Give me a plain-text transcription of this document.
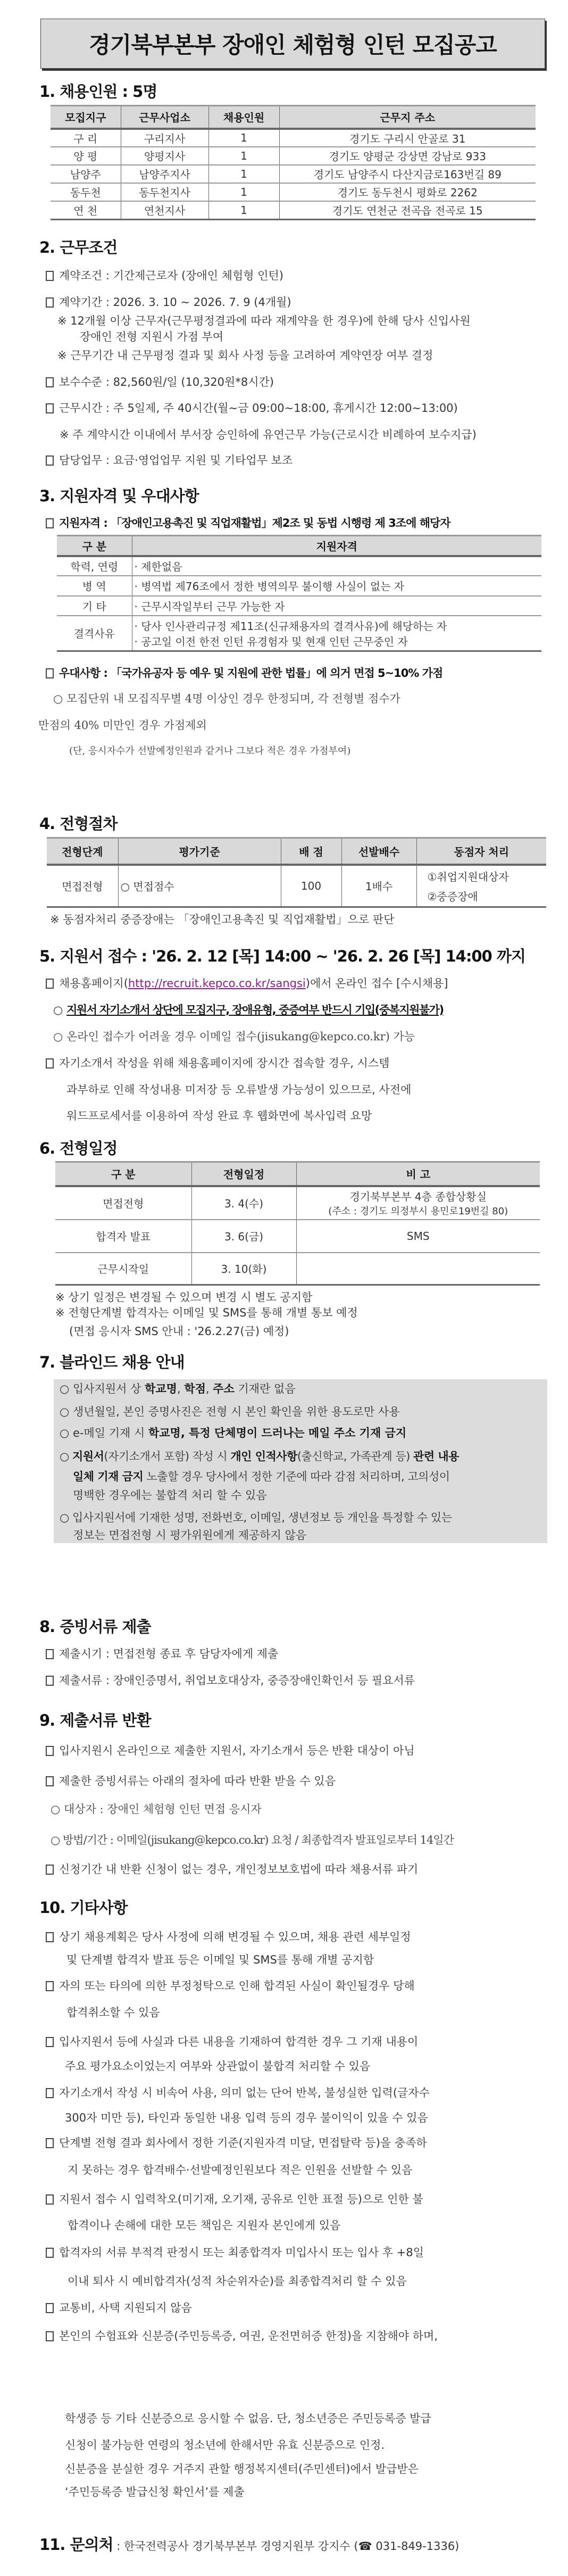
경기북부본부 장애인 체험형 인턴 모집공고
1. 채용인원 : 5명
모집지구	근무사업소	채용인원	근무지 주소
구 리	구리지사	1	경기도 구리시 안골로 31
양 평	양평지사	1	경기도 양평군 강상면 강남로 933
남양주	남양주지사	1	경기도 남양주시 다산지금로163번길 89
동두천	동두천지사	1	경기도 동두천시 평화로 2262
연 천	연천지사	1	경기도 연천군 전곡읍 전곡로 15
2. 근무조건
계약조건 : 기간제근로자 (장애인 체험형 인턴)
계약기간 : 2026. 3. 10 ~ 2026. 7. 9 (4개월)
※ 12개월 이상 근무자(근무평정결과에 따라 재계약을 한 경우)에 한해 당사 신입사원
장애인 전형 지원시 가점 부여
※ 근무기간 내 근무평정 결과 및 회사 사정 등을 고려하여 계약연장 여부 결정
보수수준 : 82,560원/일 (10,320원*8시간)
근무시간 : 주 5일제, 주 40시간(월~금 09:00~18:00, 휴게시간 12:00~13:00)
※ 주 계약시간 이내에서 부서장 승인하에 유연근무 가능(근로시간 비례하여 보수지급)
담당업무 : 요금·영업업무 지원 및 기타업무 보조
3. 지원자격 및 우대사항
지원자격 : 「장애인고용촉진 및 직업재활법」제2조 및 동법 시행령 제 3조에 해당자
구 분	지원자격
학력, 연령	· 제한없음
병 역	· 병역법 제76조에서 정한 병역의무 불이행 사실이 없는 자
기 타	· 근무시작일부터 근무 가능한 자
결격사유	· 당사 인사관리규정 제11조(신규채용자의 결격사유)에 해당하는 자
· 공고일 이전 한전 인턴 유경험자 및 현재 인턴 근무중인 자
우대사항 : 「국가유공자 등 예우 및 지원에 관한 법률」에 의거 면접 5~10% 가점
○ 모집단위 내 모집직무별 4명 이상인 경우 한정되며, 각 전형별 점수가
만점의 40% 미만인 경우 가점제외
(단, 응시자수가 선발예정인원과 같거나 그보다 적은 경우 가점부여)
4. 전형절차
전형단계	평가기준	배 점	선발배수	동점자 처리
면접전형	○ 면접점수	100	1배수	①취업지원대상자
②중증장애
※ 동점자처리 중증장애는 「장애인고용촉진 및 직업재활법」으로 판단
5. 지원서 접수 : '26. 2. 12 [목] 14:00 ~ '26. 2. 26 [목] 14:00 까지
채용홈페이지(http://recruit.kepco.co.kr/sangsi)에서 온라인 접수 [수시채용]
○ 지원서 자기소개서 상단에 모집지구, 장애유형, 중증여부 반드시 기입(중복지원불가)
○ 온라인 접수가 어려울 경우 이메일 접수(jisukang@kepco.co.kr) 가능
자기소개서 작성을 위해 채용홈페이지에 장시간 접속할 경우, 시스템
과부하로 인해 작성내용 미저장 등 오류발생 가능성이 있으므로, 사전에
워드프로세서를 이용하여 작성 완료 후 웹화면에 복사입력 요망
6. 전형일정
구 분	전형일정	비 고
면접전형	3. 4(수)	경기북부본부 4층 종합상황실
(주소 : 경기도 의정부시 용민로19번길 80)

합격자 발표	3. 6(금)	SMS
근무시작일	3. 10(화)	
※ 상기 일정은 변경될 수 있으며 변경 시 별도 공지함
※ 전형단계별 합격자는 이메일 및 SMS를 통해 개별 통보 예정
(면접 응시자 SMS 안내 : '26.2.27(금) 예정)
7. 블라인드 채용 안내
○ 입사지원서 상 학교명, 학점, 주소 기재란 없음
○ 생년월일, 본인 증명사진은 전형 시 본인 확인을 위한 용도로만 사용
○ e-메일 기재 시 학교명, 특정 단체명이 드러나는 메일 주소 기재 금지
○ 지원서(자기소개서 포함) 작성 시 개인 인적사항(출신학교, 가족관계 등) 관련 내용
일체 기재 금지 노출할 경우 당사에서 정한 기준에 따라 감점 처리하며, 고의성이
명백한 경우에는 불합격 처리 할 수 있음
○ 입사지원서에 기재한 성명, 전화번호, 이메일, 생년정보 등 개인을 특정할 수 있는
정보는 면접전형 시 평가위원에게 제공하지 않음
8. 증빙서류 제출
제출시기 : 면접전형 종료 후 담당자에게 제출
제출서류 : 장애인증명서, 취업보호대상자, 중증장애인확인서 등 필요서류
9. 제출서류 반환
입사지원시 온라인으로 제출한 지원서, 자기소개서 등은 반환 대상이 아님
제출한 증빙서류는 아래의 절차에 따라 반환 받을 수 있음
○ 대상자 : 장애인 체험형 인턴 면접 응시자
○ 방법/기간 : 이메일(jisukang@kepco.co.kr) 요청 / 최종합격자 발표일로부터 14일간
신청기간 내 반환 신청이 없는 경우, 개인정보보호법에 따라 채용서류 파기
10. 기타사항
상기 채용계획은 당사 사정에 의해 변경될 수 있으며, 채용 관련 세부일정
및 단계별 합격자 발표 등은 이메일 및 SMS를 통해 개별 공지함
자의 또는 타의에 의한 부정청탁으로 인해 합격된 사실이 확인될경우 당해
합격취소할 수 있음
입사지원서 등에 사실과 다른 내용을 기재하여 합격한 경우 그 기재 내용이
주요 평가요소이었는지 여부와 상관없이 불합격 처리할 수 있음
자기소개서 작성 시 비속어 사용, 의미 없는 단어 반복, 불성실한 입력(글자수
300자 미만 등), 타인과 동일한 내용 입력 등의 경우 불이익이 있을 수 있음
단계별 전형 결과 회사에서 정한 기준(지원자격 미달, 면접탈락 등)을 충족하
지 못하는 경우 합격배수·선발예정인원보다 적은 인원을 선발할 수 있음
지원서 접수 시 입력착오(미기재, 오기재, 공유로 인한 표절 등)으로 인한 불
합격이나 손해에 대한 모든 책임은 지원자 본인에게 있음
합격자의 서류 부적격 판정시 또는 최종합격자 미입사시 또는 입사 후 +8일
이내 퇴사 시 예비합격자(성적 차순위자순)를 최종합격처리 할 수 있음
교통비, 사택 지원되지 않음
본인의 수험표와 신분증(주민등록증, 여권, 운전면허증 한정)을 지참해야 하며,
학생증 등 기타 신분증으로 응시할 수 없음. 단, 청소년증은 주민등록증 발급
신청이 불가능한 연령의 청소년에 한해서만 유효 신분증으로 인정.
신분증을 분실한 경우 거주지 관할 행정복지센터(주민센터)에서 발급받은
‘주민등록증 발급신청 확인서’를 제출
11. 문의처 : 한국전력공사 경기북부본부 경영지원부 강지수 (☎ 031-849-1336)
